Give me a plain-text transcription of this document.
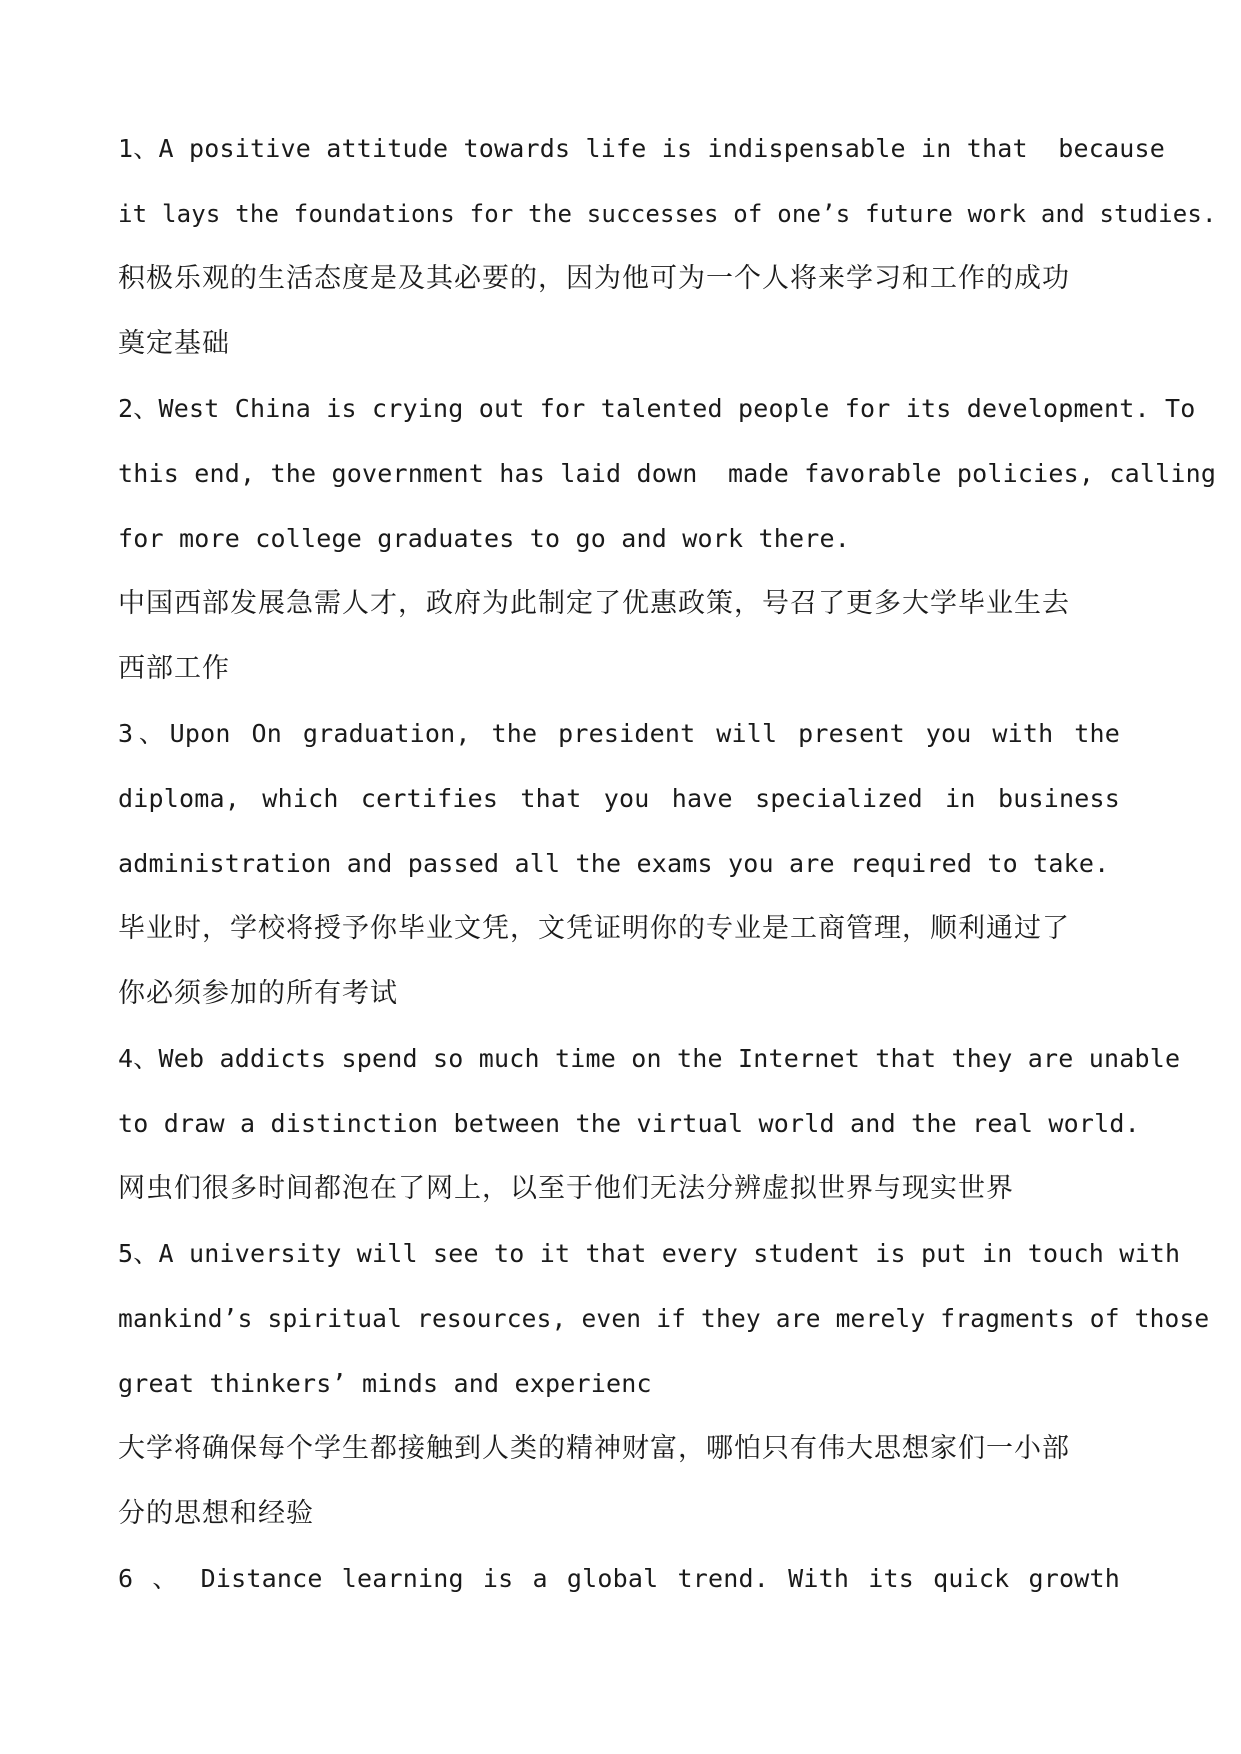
1、A positive attitude towards life is indispensable in that  because
it lays the foundations for the successes of one’s future work and studies.
积极乐观的生活态度是及其必要的，因为他可为一个人将来学习和工作的成功
奠定基础
2、West China is crying out for talented people for its development. To
this end, the government has laid down  made favorable policies, calling
for more college graduates to go and work there.
中国西部发展急需人才，政府为此制定了优惠政策，号召了更多大学毕业生去
西部工作
3、Upon On graduation, the president will present you with the
diploma, which certifies that you have specialized in business
administration and passed all the exams you are required to take.
毕业时，学校将授予你毕业文凭，文凭证明你的专业是工商管理，顺利通过了
你必须参加的所有考试
4、Web addicts spend so much time on the Internet that they are unable
to draw a distinction between the virtual world and the real world.
网虫们很多时间都泡在了网上，以至于他们无法分辨虚拟世界与现实世界
5、A university will see to it that every student is put in touch with
mankind’s spiritual resources, even if they are merely fragments of those
great thinkers’ minds and experienc
大学将确保每个学生都接触到人类的精神财富，哪怕只有伟大思想家们一小部
分的思想和经验
6 、 Distance learning is a global trend. With its quick growth
